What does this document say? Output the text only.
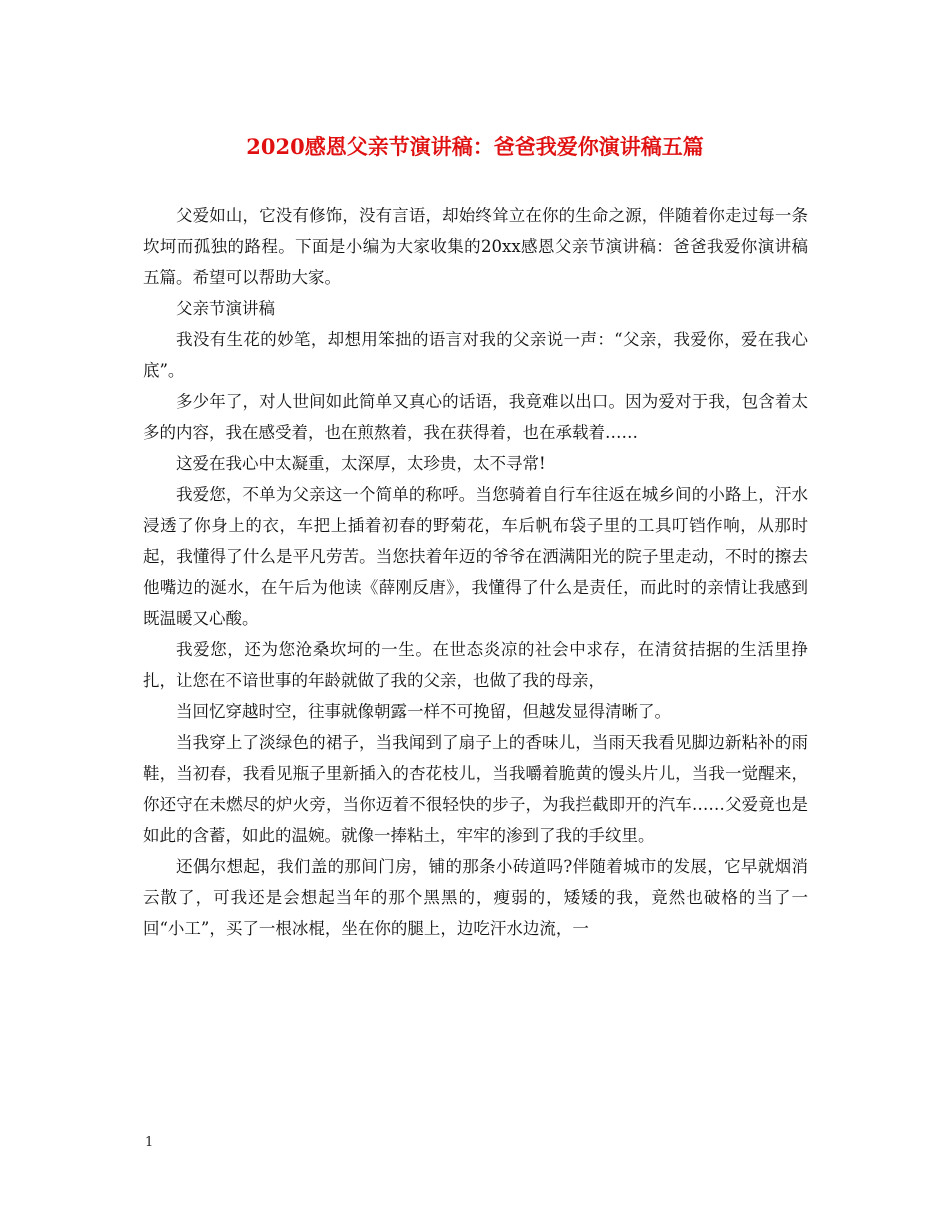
2020感恩父亲节演讲稿：爸爸我爱你演讲稿五篇

父爱如山，它没有修饰，没有言语，却始终耸立在你的生命之源，伴随着你走过每一条坎坷而孤独的路程。下面是小编为大家收集的20xx感恩父亲节演讲稿：爸爸我爱你演讲稿五篇。希望可以帮助大家。

父亲节演讲稿

我没有生花的妙笔，却想用笨拙的语言对我的父亲说一声：“父亲，我爱你，爱在我心底”。

多少年了，对人世间如此简单又真心的话语，我竟难以出口。因为爱对于我，包含着太多的内容，我在感受着，也在煎熬着，我在获得着，也在承载着……

这爱在我心中太凝重，太深厚，太珍贵，太不寻常!

我爱您，不单为父亲这一个简单的称呼。当您骑着自行车往返在城乡间的小路上，汗水浸透了你身上的衣，车把上插着初春的野菊花，车后帆布袋子里的工具叮铛作响，从那时起，我懂得了什么是平凡劳苦。当您扶着年迈的爷爷在洒满阳光的院子里走动，不时的擦去他嘴边的涎水，在午后为他读《薛刚反唐》，我懂得了什么是责任，而此时的亲情让我感到既温暖又心酸。

我爱您，还为您沧桑坎坷的一生。在世态炎凉的社会中求存，在清贫拮据的生活里挣扎，让您在不谙世事的年龄就做了我的父亲，也做了我的母亲，

当回忆穿越时空，往事就像朝露一样不可挽留，但越发显得清晰了。

当我穿上了淡绿色的裙子，当我闻到了扇子上的香味儿，当雨天我看见脚边新粘补的雨鞋，当初春，我看见瓶子里新插入的杏花枝儿，当我嚼着脆黄的馒头片儿，当我一觉醒来，你还守在未燃尽的炉火旁，当你迈着不很轻快的步子，为我拦截即开的汽车……父爱竟也是如此的含蓄，如此的温婉。就像一捧粘土，牢牢的渗到了我的手纹里。

还偶尔想起，我们盖的那间门房，铺的那条小砖道吗?伴随着城市的发展，它早就烟消云散了，可我还是会想起当年的那个黑黑的，瘦弱的，矮矮的我，竟然也破格的当了一回“小工”，买了一根冰棍，坐在你的腿上，边吃汗水边流，一

1
